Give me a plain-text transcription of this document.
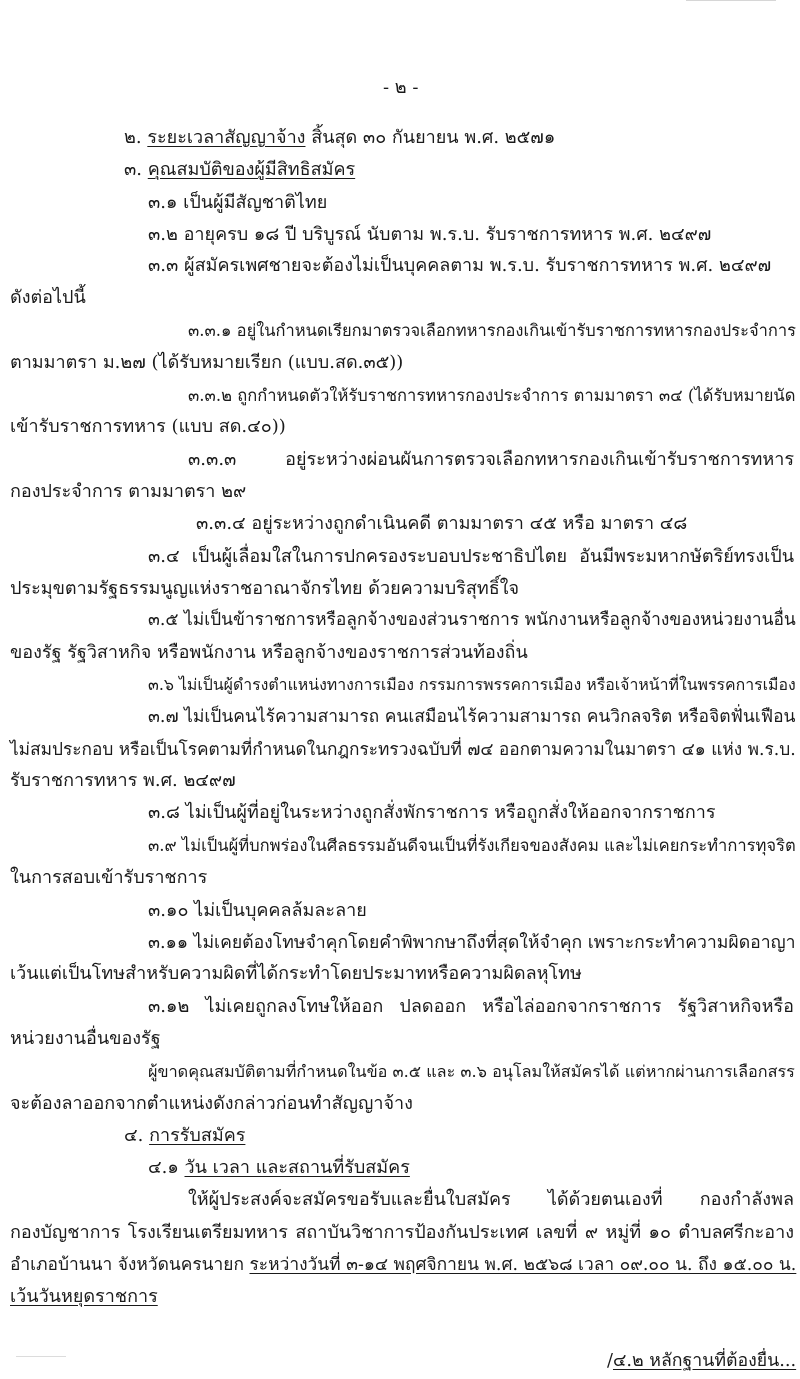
- ๒ -

๒. ระยะเวลาสัญญาจ้าง สิ้นสุด ๓๐ กันยายน พ.ศ. ๒๕๗๑

๓. คุณสมบัติของผู้มีสิทธิสมัคร

๓.๑ เป็นผู้มีสัญชาติไทย

๓.๒ อายุครบ ๑๘ ปี บริบูรณ์ นับตาม พ.ร.บ. รับราชการทหาร พ.ศ. ๒๔๙๗

๓.๓ ผู้สมัครเพศชายจะต้องไม่เป็นบุคคลตาม พ.ร.บ. รับราชการทหาร พ.ศ. ๒๔๙๗

ดังต่อไปนี้

๓.๓.๑ อยู่ในกำหนดเรียกมาตรวจเลือกทหารกองเกินเข้ารับราชการทหารกองประจำการ

ตามมาตรา ม.๒๗ (ได้รับหมายเรียก (แบบ.สด.๓๕))

๓.๓.๒ ถูกกำหนดตัวให้รับราชการทหารกองประจำการ ตามมาตรา ๓๔ (ได้รับหมายนัด

เข้ารับราชการทหาร (แบบ สด.๔๐))

๓.๓.๓ อยู่ระหว่างผ่อนผันการตรวจเลือกทหารกองเกินเข้ารับราชการทหาร

กองประจำการ ตามมาตรา ๒๙

๓.๓.๔ อยู่ระหว่างถูกดำเนินคดี ตามมาตรา ๔๕ หรือ มาตรา ๔๘

๓.๔ เป็นผู้เลื่อมใสในการปกครองระบอบประชาธิปไตย อันมีพระมหากษัตริย์ทรงเป็น

ประมุขตามรัฐธรรมนูญแห่งราชอาณาจักรไทย ด้วยความบริสุทธิ์ใจ

๓.๕ ไม่เป็นข้าราชการหรือลูกจ้างของส่วนราชการ พนักงานหรือลูกจ้างของหน่วยงานอื่น

ของรัฐ รัฐวิสาหกิจ หรือพนักงาน หรือลูกจ้างของราชการส่วนท้องถิ่น

๓.๖ ไม่เป็นผู้ดำรงตำแหน่งทางการเมือง กรรมการพรรคการเมือง หรือเจ้าหน้าที่ในพรรคการเมือง

๓.๗ ไม่เป็นคนไร้ความสามารถ คนเสมือนไร้ความสามารถ คนวิกลจริต หรือจิตฟั่นเฟือน

ไม่สมประกอบ หรือเป็นโรคตามที่กำหนดในกฎกระทรวงฉบับที่ ๗๔ ออกตามความในมาตรา ๔๑ แห่ง พ.ร.บ.

รับราชการทหาร พ.ศ. ๒๔๙๗

๓.๘ ไม่เป็นผู้ที่อยู่ในระหว่างถูกสั่งพักราชการ หรือถูกสั่งให้ออกจากราชการ

๓.๙ ไม่เป็นผู้ที่บกพร่องในศีลธรรมอันดีจนเป็นที่รังเกียจของสังคม และไม่เคยกระทำการทุจริต

ในการสอบเข้ารับราชการ

๓.๑๐ ไม่เป็นบุคคลล้มละลาย

๓.๑๑ ไม่เคยต้องโทษจำคุกโดยคำพิพากษาถึงที่สุดให้จำคุก เพราะกระทำความผิดอาญา

เว้นแต่เป็นโทษสำหรับความผิดที่ได้กระทำโดยประมาทหรือความผิดลหุโทษ

๓.๑๒ ไม่เคยถูกลงโทษให้ออก ปลดออก หรือไล่ออกจากราชการ รัฐวิสาหกิจหรือ

หน่วยงานอื่นของรัฐ

ผู้ขาดคุณสมบัติตามที่กำหนดในข้อ ๓.๕ และ ๓.๖ อนุโลมให้สมัครได้ แต่หากผ่านการเลือกสรร

จะต้องลาออกจากตำแหน่งดังกล่าวก่อนทำสัญญาจ้าง

๔. การรับสมัคร

๔.๑ วัน เวลา และสถานที่รับสมัคร

ให้ผู้ประสงค์จะสมัครขอรับและยื่นใบสมัคร ได้ด้วยตนเองที่ กองกำลังพล

กองบัญชาการ โรงเรียนเตรียมทหาร สถาบันวิชาการป้องกันประเทศ เลขที่ ๙ หมู่ที่ ๑๐ ตำบลศรีกะอาง

อำเภอบ้านนา จังหวัดนครนายก ระหว่างวันที่ ๓-๑๔ พฤศจิกายน พ.ศ. ๒๕๖๘ เวลา ๐๙.๐๐ น. ถึง ๑๕.๐๐ น.

เว้นวันหยุดราชการ

/๔.๒ หลักฐานที่ต้องยื่น...
